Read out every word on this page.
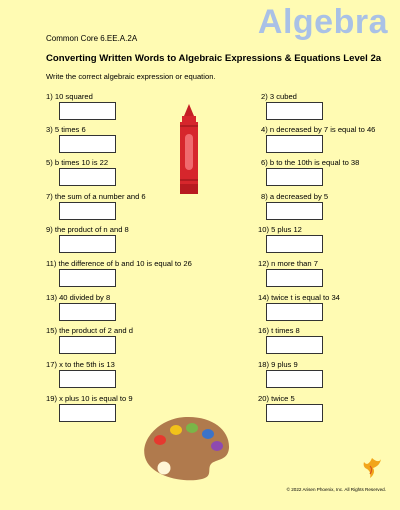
Common Core 6.EE.A.2A	Algebra
Converting Written Words to Algebraic Expressions & Equations Level 2a
Write the correct algebraic expression or equation.
1) 10 squared	2) 3 cubed
3) 5 times 6	4) n decreased by 7 is equal to 46
5) b times 10 is 22	6) b to the 10th is equal to 38
7) the sum of a number and 6	8) a decreased by 5
9) the product of n and 8	10) 5 plus 12
11) the difference of b and 10 is equal to 26	12) n more than 7
13) 40 divided by 8	14) twice t is equal to 34
15) the product of 2 and d	16) t times 8
17) x to the 5th is 13	18) 9 plus 9
19) x plus 10 is equal to 9	20) twice 5
© 2022 Arisen Phoenix, Inc. All Rights Reserved.
